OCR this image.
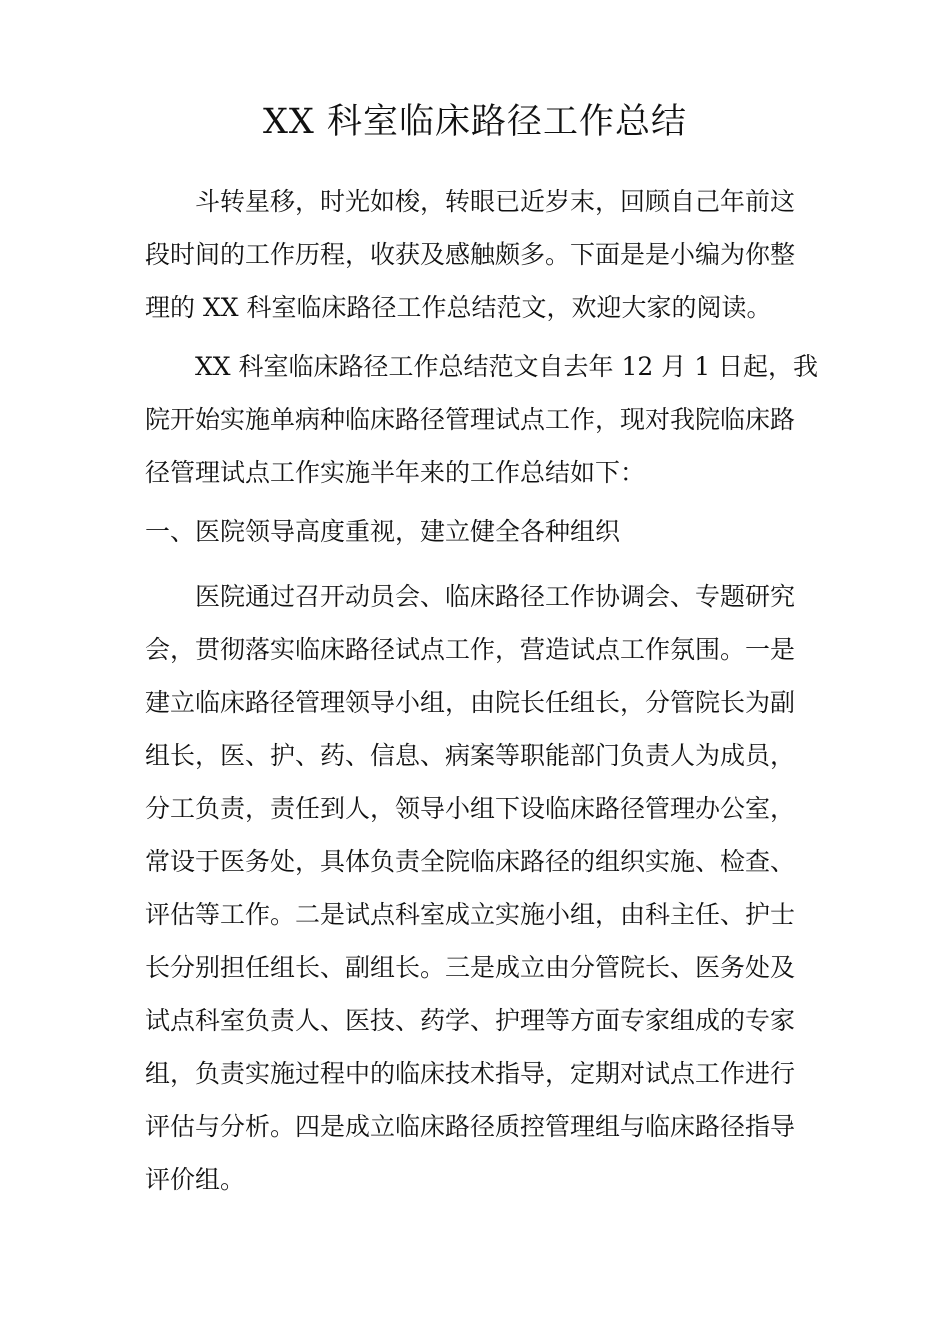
XX 科室临床路径工作总结
斗转星移，时光如梭，转眼已近岁末，回顾自己年前这
段时间的工作历程，收获及感触颇多。下面是是小编为你整
理的 XX 科室临床路径工作总结范文，欢迎大家的阅读。
XX 科室临床路径工作总结范文自去年 12 月 1 日起，我
院开始实施单病种临床路径管理试点工作，现对我院临床路
径管理试点工作实施半年来的工作总结如下：
一、医院领导高度重视，建立健全各种组织
医院通过召开动员会、临床路径工作协调会、专题研究
会，贯彻落实临床路径试点工作，营造试点工作氛围。一是
建立临床路径管理领导小组，由院长任组长，分管院长为副
组长，医、护、药、信息、病案等职能部门负责人为成员，
分工负责，责任到人，领导小组下设临床路径管理办公室，
常设于医务处，具体负责全院临床路径的组织实施、检查、
评估等工作。二是试点科室成立实施小组，由科主任、护士
长分别担任组长、副组长。三是成立由分管院长、医务处及
试点科室负责人、医技、药学、护理等方面专家组成的专家
组，负责实施过程中的临床技术指导，定期对试点工作进行
评估与分析。四是成立临床路径质控管理组与临床路径指导
评价组。
